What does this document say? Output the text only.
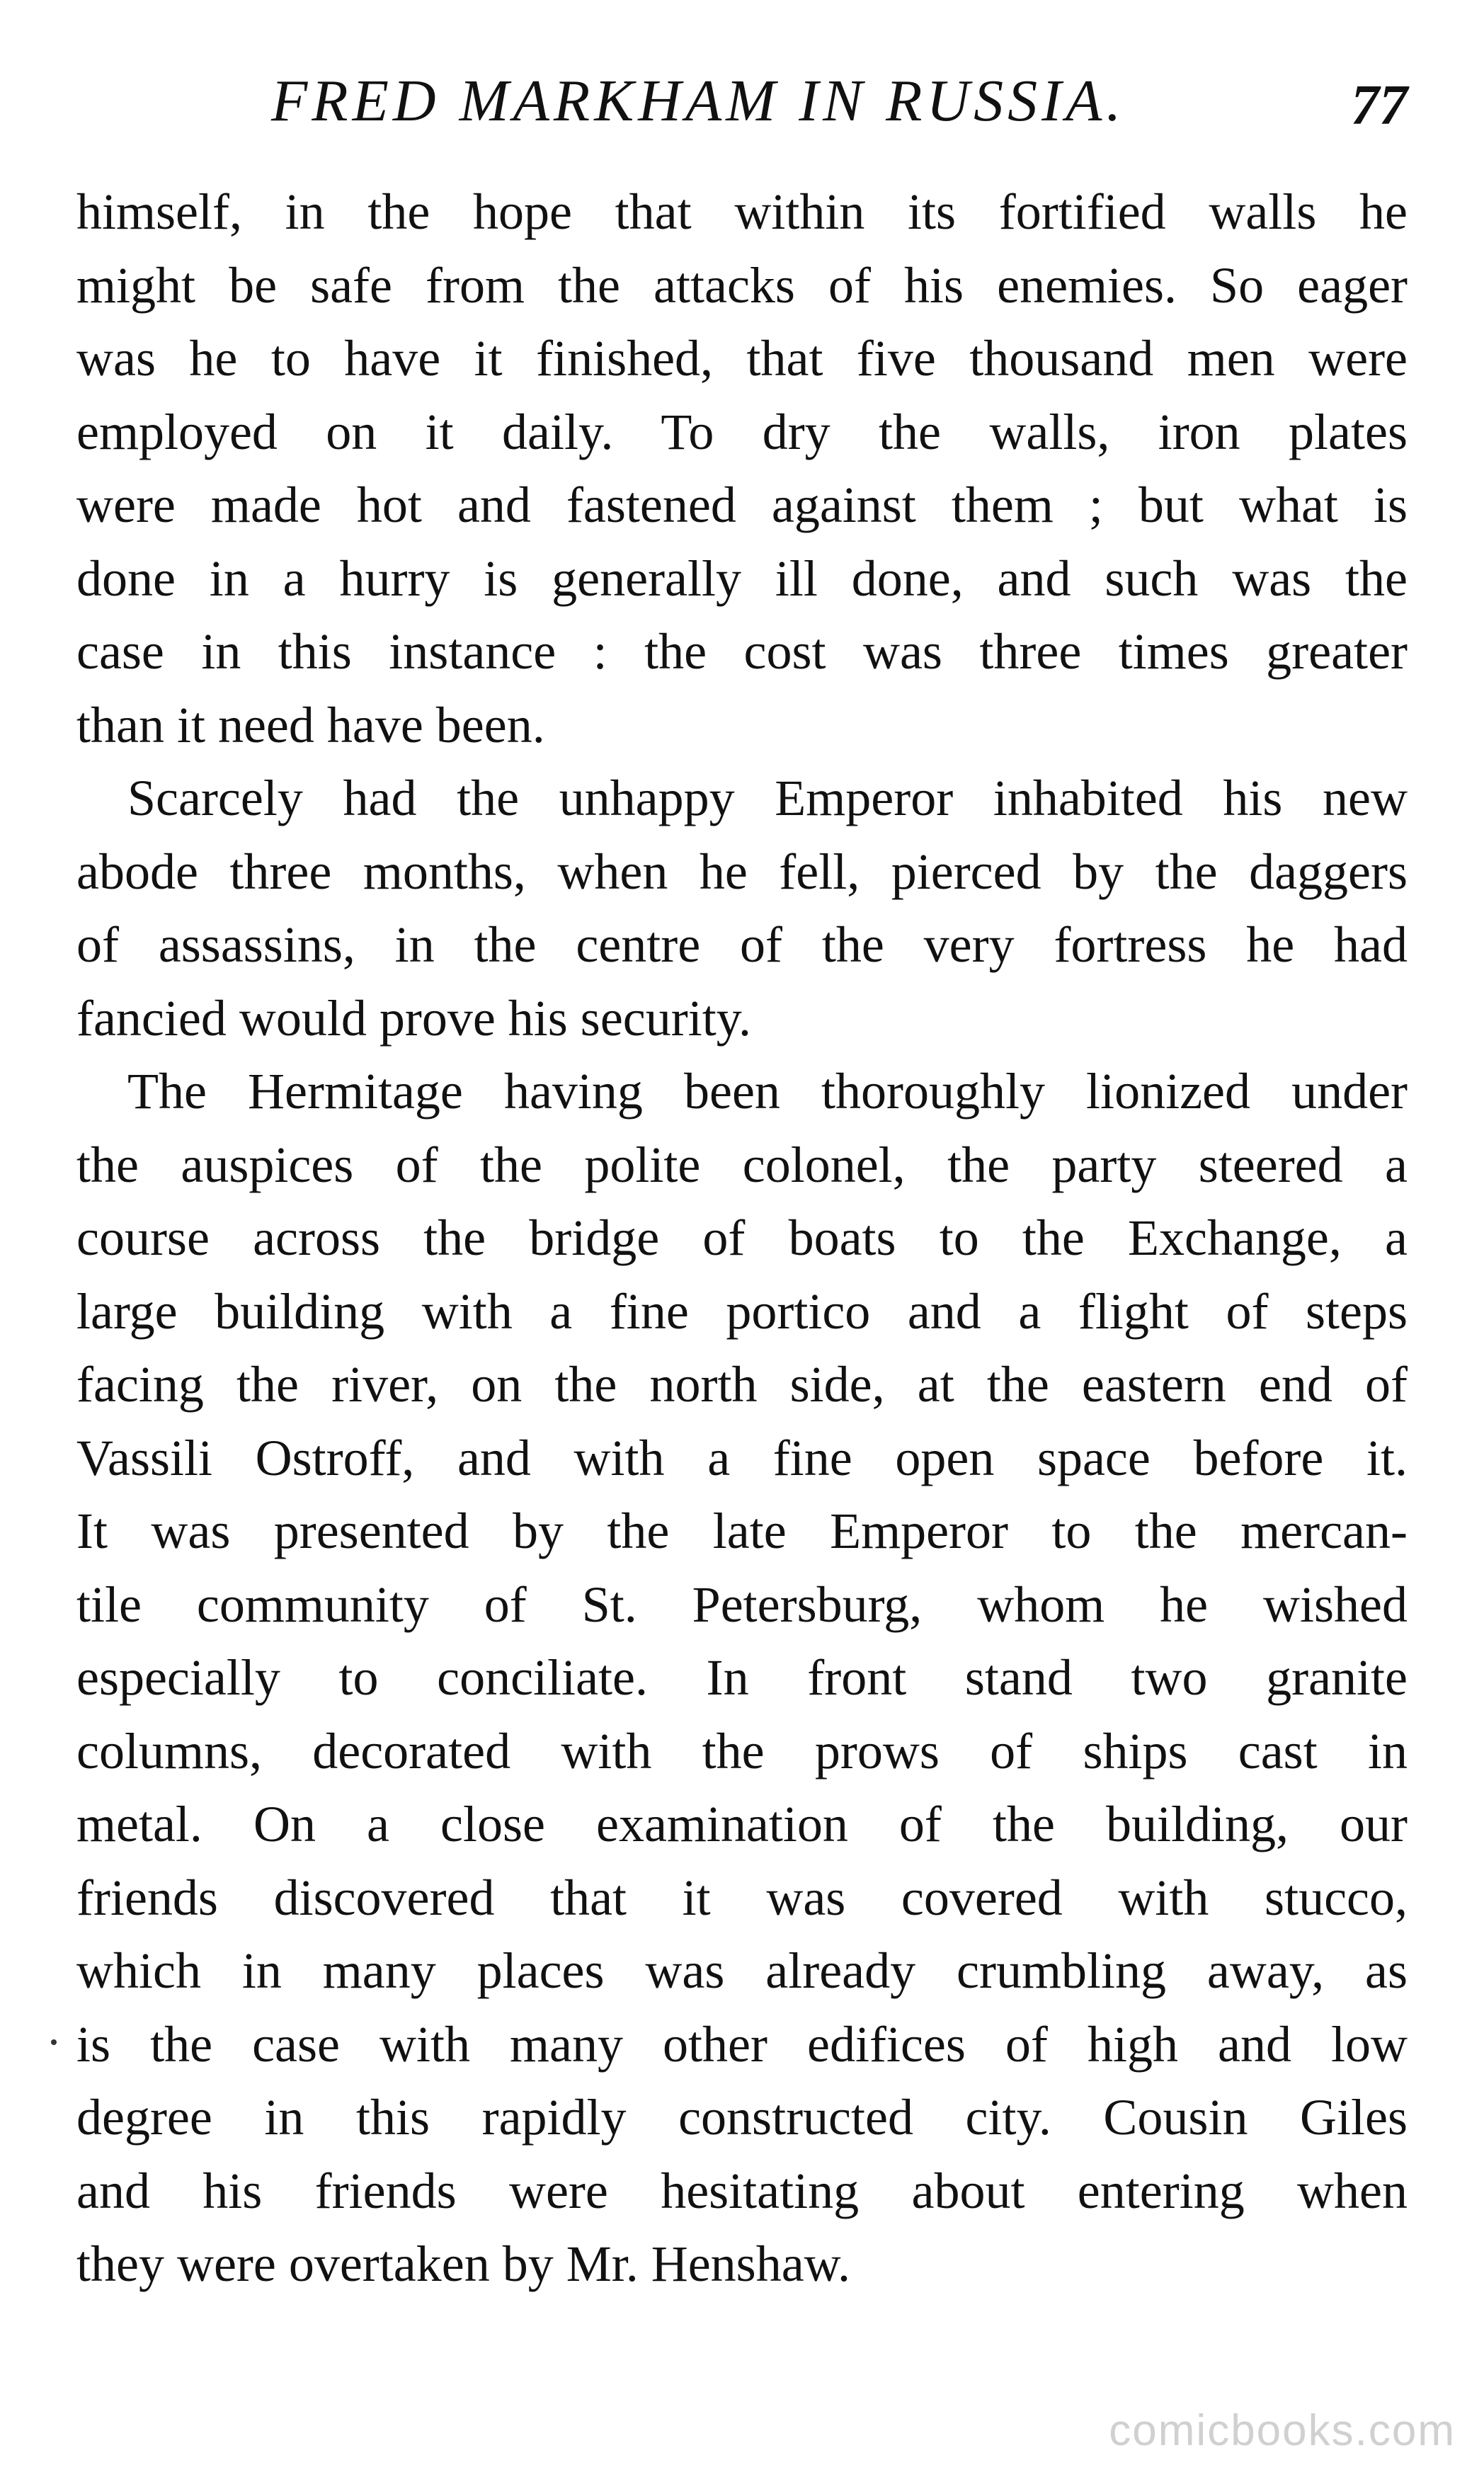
FRED MARKHAM IN RUSSIA.	77
himself, in the hope that within its fortified walls he
might be safe from the attacks of his enemies. So eager
was he to have it finished, that five thousand men were
employed on it daily. To dry the walls, iron plates
were made hot and fastened against them ; but what is
done in a hurry is generally ill done, and such was the
case in this instance : the cost was three times greater
than it need have been.
Scarcely had the unhappy Emperor inhabited his new
abode three months, when he fell, pierced by the daggers
of assassins, in the centre of the very fortress he had
fancied would prove his security.
The Hermitage having been thoroughly lionized under
the auspices of the polite colonel, the party steered a
course across the bridge of boats to the Exchange, a
large building with a fine portico and a flight of steps
facing the river, on the north side, at the eastern end of
Vassili Ostroff, and with a fine open space before it.
It was presented by the late Emperor to the mercan-
tile community of St. Petersburg, whom he wished
especially to conciliate. In front stand two granite
columns, decorated with the prows of ships cast in
metal. On a close examination of the building, our
friends discovered that it was covered with stucco,
which in many places was already crumbling away, as
is the case with many other edifices of high and low
degree in this rapidly constructed city. Cousin Giles
and his friends were hesitating about entering when
they were overtaken by Mr. Henshaw.
comicbooks.com
